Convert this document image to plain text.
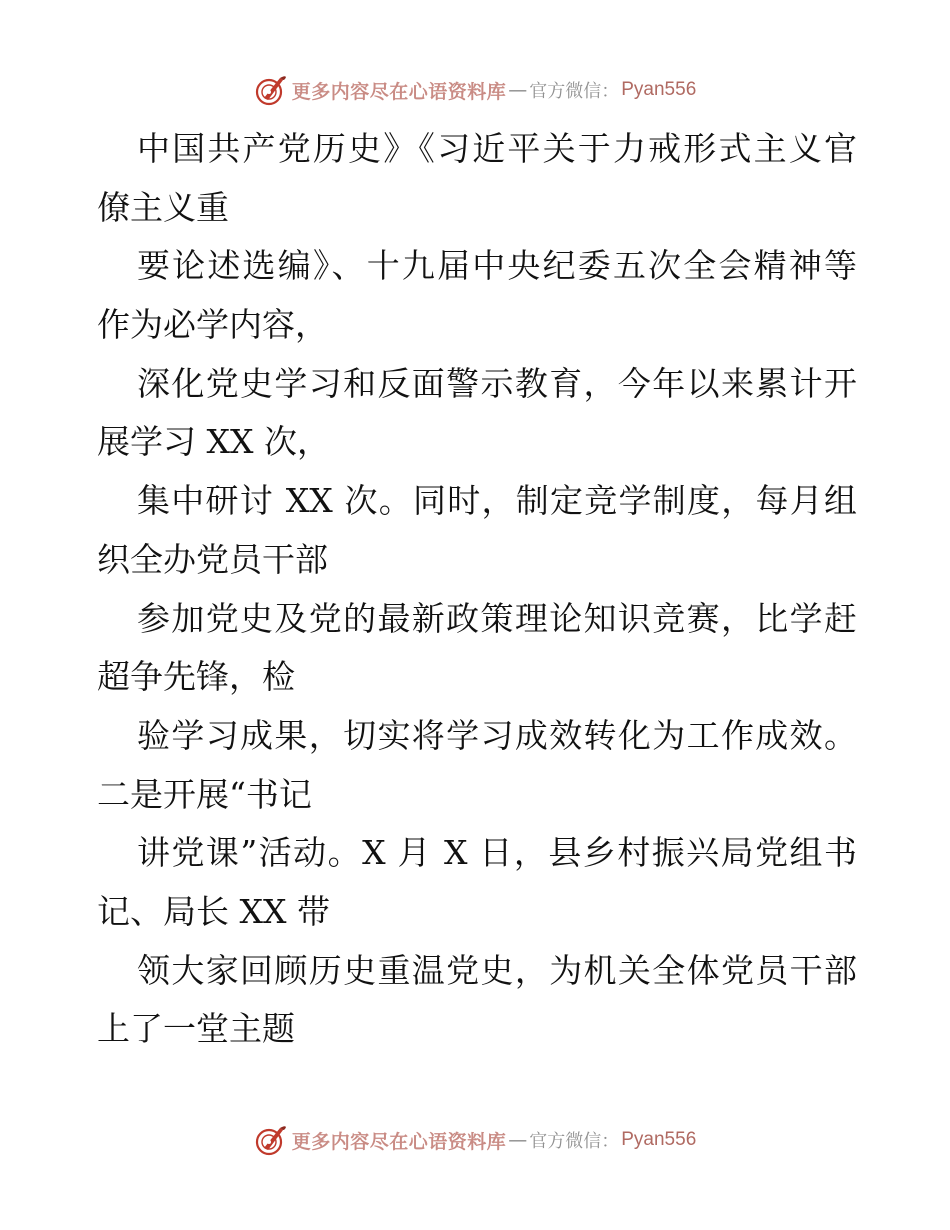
更多内容尽在心语资料库 — 官方微信： Pyan556
中国共产党历史》《习近平关于力戒形式主义官
僚主义重
要论述选编》、十九届中央纪委五次全会精神等
作为必学内容，
深化党史学习和反面警示教育，今年以来累计开
展学习 XX 次，
集中研讨 XX 次。同时，制定竞学制度，每月组
织全办党员干部
参加党史及党的最新政策理论知识竞赛，比学赶
超争先锋，检
验学习成果，切实将学习成效转化为工作成效。
二是开展“书记
讲党课”活动。X 月 X 日，县乡村振兴局党组书
记、局长 XX 带
领大家回顾历史重温党史，为机关全体党员干部
上了一堂主题
更多内容尽在心语资料库 — 官方微信： Pyan556
